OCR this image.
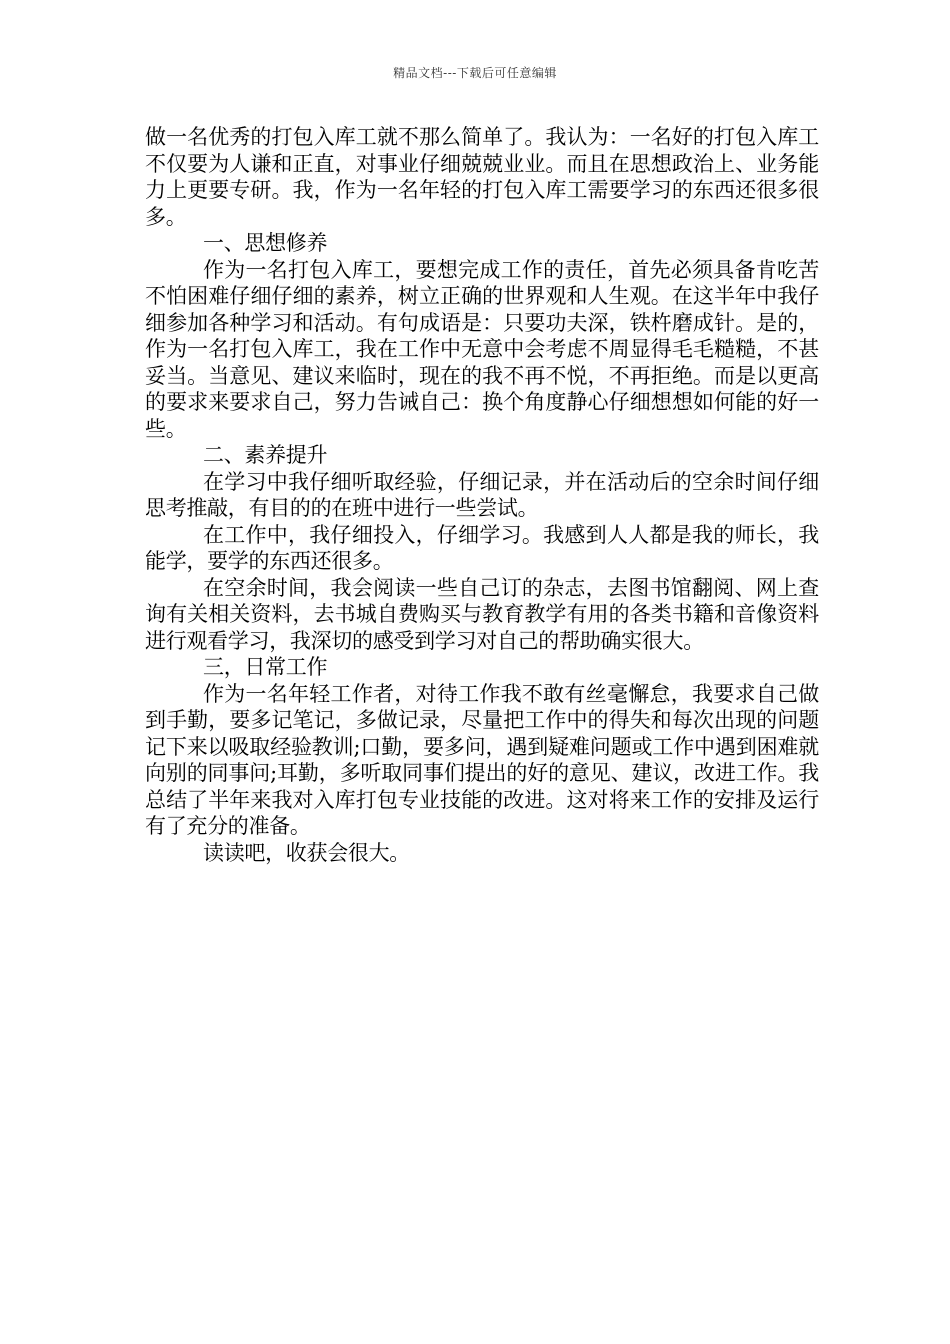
精品文档---下载后可任意编辑

做一名优秀的打包入库工就不那么简单了。我认为：一名好的打包入库工不仅要为人谦和正直，对事业仔细兢兢业业。而且在思想政治上、业务能力上更要专研。我，作为一名年轻的打包入库工需要学习的东西还很多很多。

一、思想修养

作为一名打包入库工，要想完成工作的责任，首先必须具备肯吃苦不怕困难仔细仔细的素养，树立正确的世界观和人生观。在这半年中我仔细参加各种学习和活动。有句成语是：只要功夫深，铁杵磨成针。是的，作为一名打包入库工，我在工作中无意中会考虑不周显得毛毛糙糙，不甚妥当。当意见、建议来临时，现在的我不再不悦，不再拒绝。而是以更高的要求来要求自己，努力告诫自己：换个角度静心仔细想想如何能的好一些。

二、素养提升

在学习中我仔细听取经验，仔细记录，并在活动后的空余时间仔细思考推敲，有目的的在班中进行一些尝试。

在工作中，我仔细投入，仔细学习。我感到人人都是我的师长，我能学，要学的东西还很多。

在空余时间，我会阅读一些自己订的杂志，去图书馆翻阅、网上查询有关相关资料，去书城自费购买与教育教学有用的各类书籍和音像资料进行观看学习，我深切的感受到学习对自己的帮助确实很大。

三，日常工作

作为一名年轻工作者，对待工作我不敢有丝毫懈怠，我要求自己做到手勤，要多记笔记，多做记录，尽量把工作中的得失和每次出现的问题记下来以吸取经验教训;口勤，要多问，遇到疑难问题或工作中遇到困难就向别的同事问;耳勤，多听取同事们提出的好的意见、建议，改进工作。我总结了半年来我对入库打包专业技能的改进。这对将来工作的安排及运行有了充分的准备。

读读吧，收获会很大。
